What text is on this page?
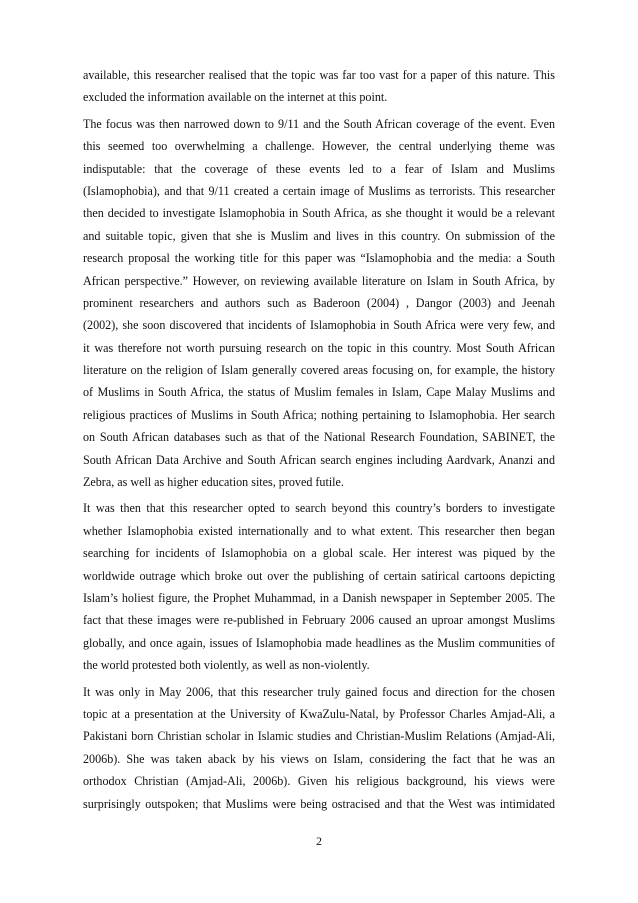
available, this researcher realised that the topic was far too vast for a paper of this nature. This
excluded the information available on the internet at this point.
The focus was then narrowed down to 9/11 and the South African coverage of the event. Even
this seemed too overwhelming a challenge. However, the central underlying theme was
indisputable: that the coverage of these events led to a fear of Islam and Muslims
(Islamophobia), and that 9/11 created a certain image of Muslims as terrorists. This researcher
then decided to investigate Islamophobia in South Africa, as she thought it would be a relevant
and suitable topic, given that she is Muslim and lives in this country. On submission of the
research proposal the working title for this paper was “Islamophobia and the media: a South
African perspective.” However, on reviewing available literature on Islam in South Africa, by
prominent researchers and authors such as Baderoon (2004) , Dangor (2003) and Jeenah
(2002), she soon discovered that incidents of Islamophobia in South Africa were very few, and
it was therefore not worth pursuing research on the topic in this country. Most South African
literature on the religion of Islam generally covered areas focusing on, for example, the history
of Muslims in South Africa, the status of Muslim females in Islam, Cape Malay Muslims and
religious practices of Muslims in South Africa; nothing pertaining to Islamophobia. Her search
on South African databases such as that of the National Research Foundation, SABINET, the
South African Data Archive and South African search engines including Aardvark, Ananzi and
Zebra, as well as higher education sites, proved futile.
It was then that this researcher opted to search beyond this country’s borders to investigate
whether Islamophobia existed internationally and to what extent. This researcher then began
searching for incidents of Islamophobia on a global scale. Her interest was piqued by the
worldwide outrage which broke out over the publishing of certain satirical cartoons depicting
Islam’s holiest figure, the Prophet Muhammad, in a Danish newspaper in September 2005. The
fact that these images were re-published in February 2006 caused an uproar amongst Muslims
globally, and once again, issues of Islamophobia made headlines as the Muslim communities of
the world protested both violently, as well as non-violently.
It was only in May 2006, that this researcher truly gained focus and direction for the chosen
topic at a presentation at the University of KwaZulu-Natal, by Professor Charles Amjad-Ali, a
Pakistani born Christian scholar in Islamic studies and Christian-Muslim Relations (Amjad-Ali,
2006b). She was taken aback by his views on Islam, considering the fact that he was an
orthodox Christian (Amjad-Ali, 2006b). Given his religious background, his views were
surprisingly outspoken; that Muslims were being ostracised and that the West was intimidated
2
